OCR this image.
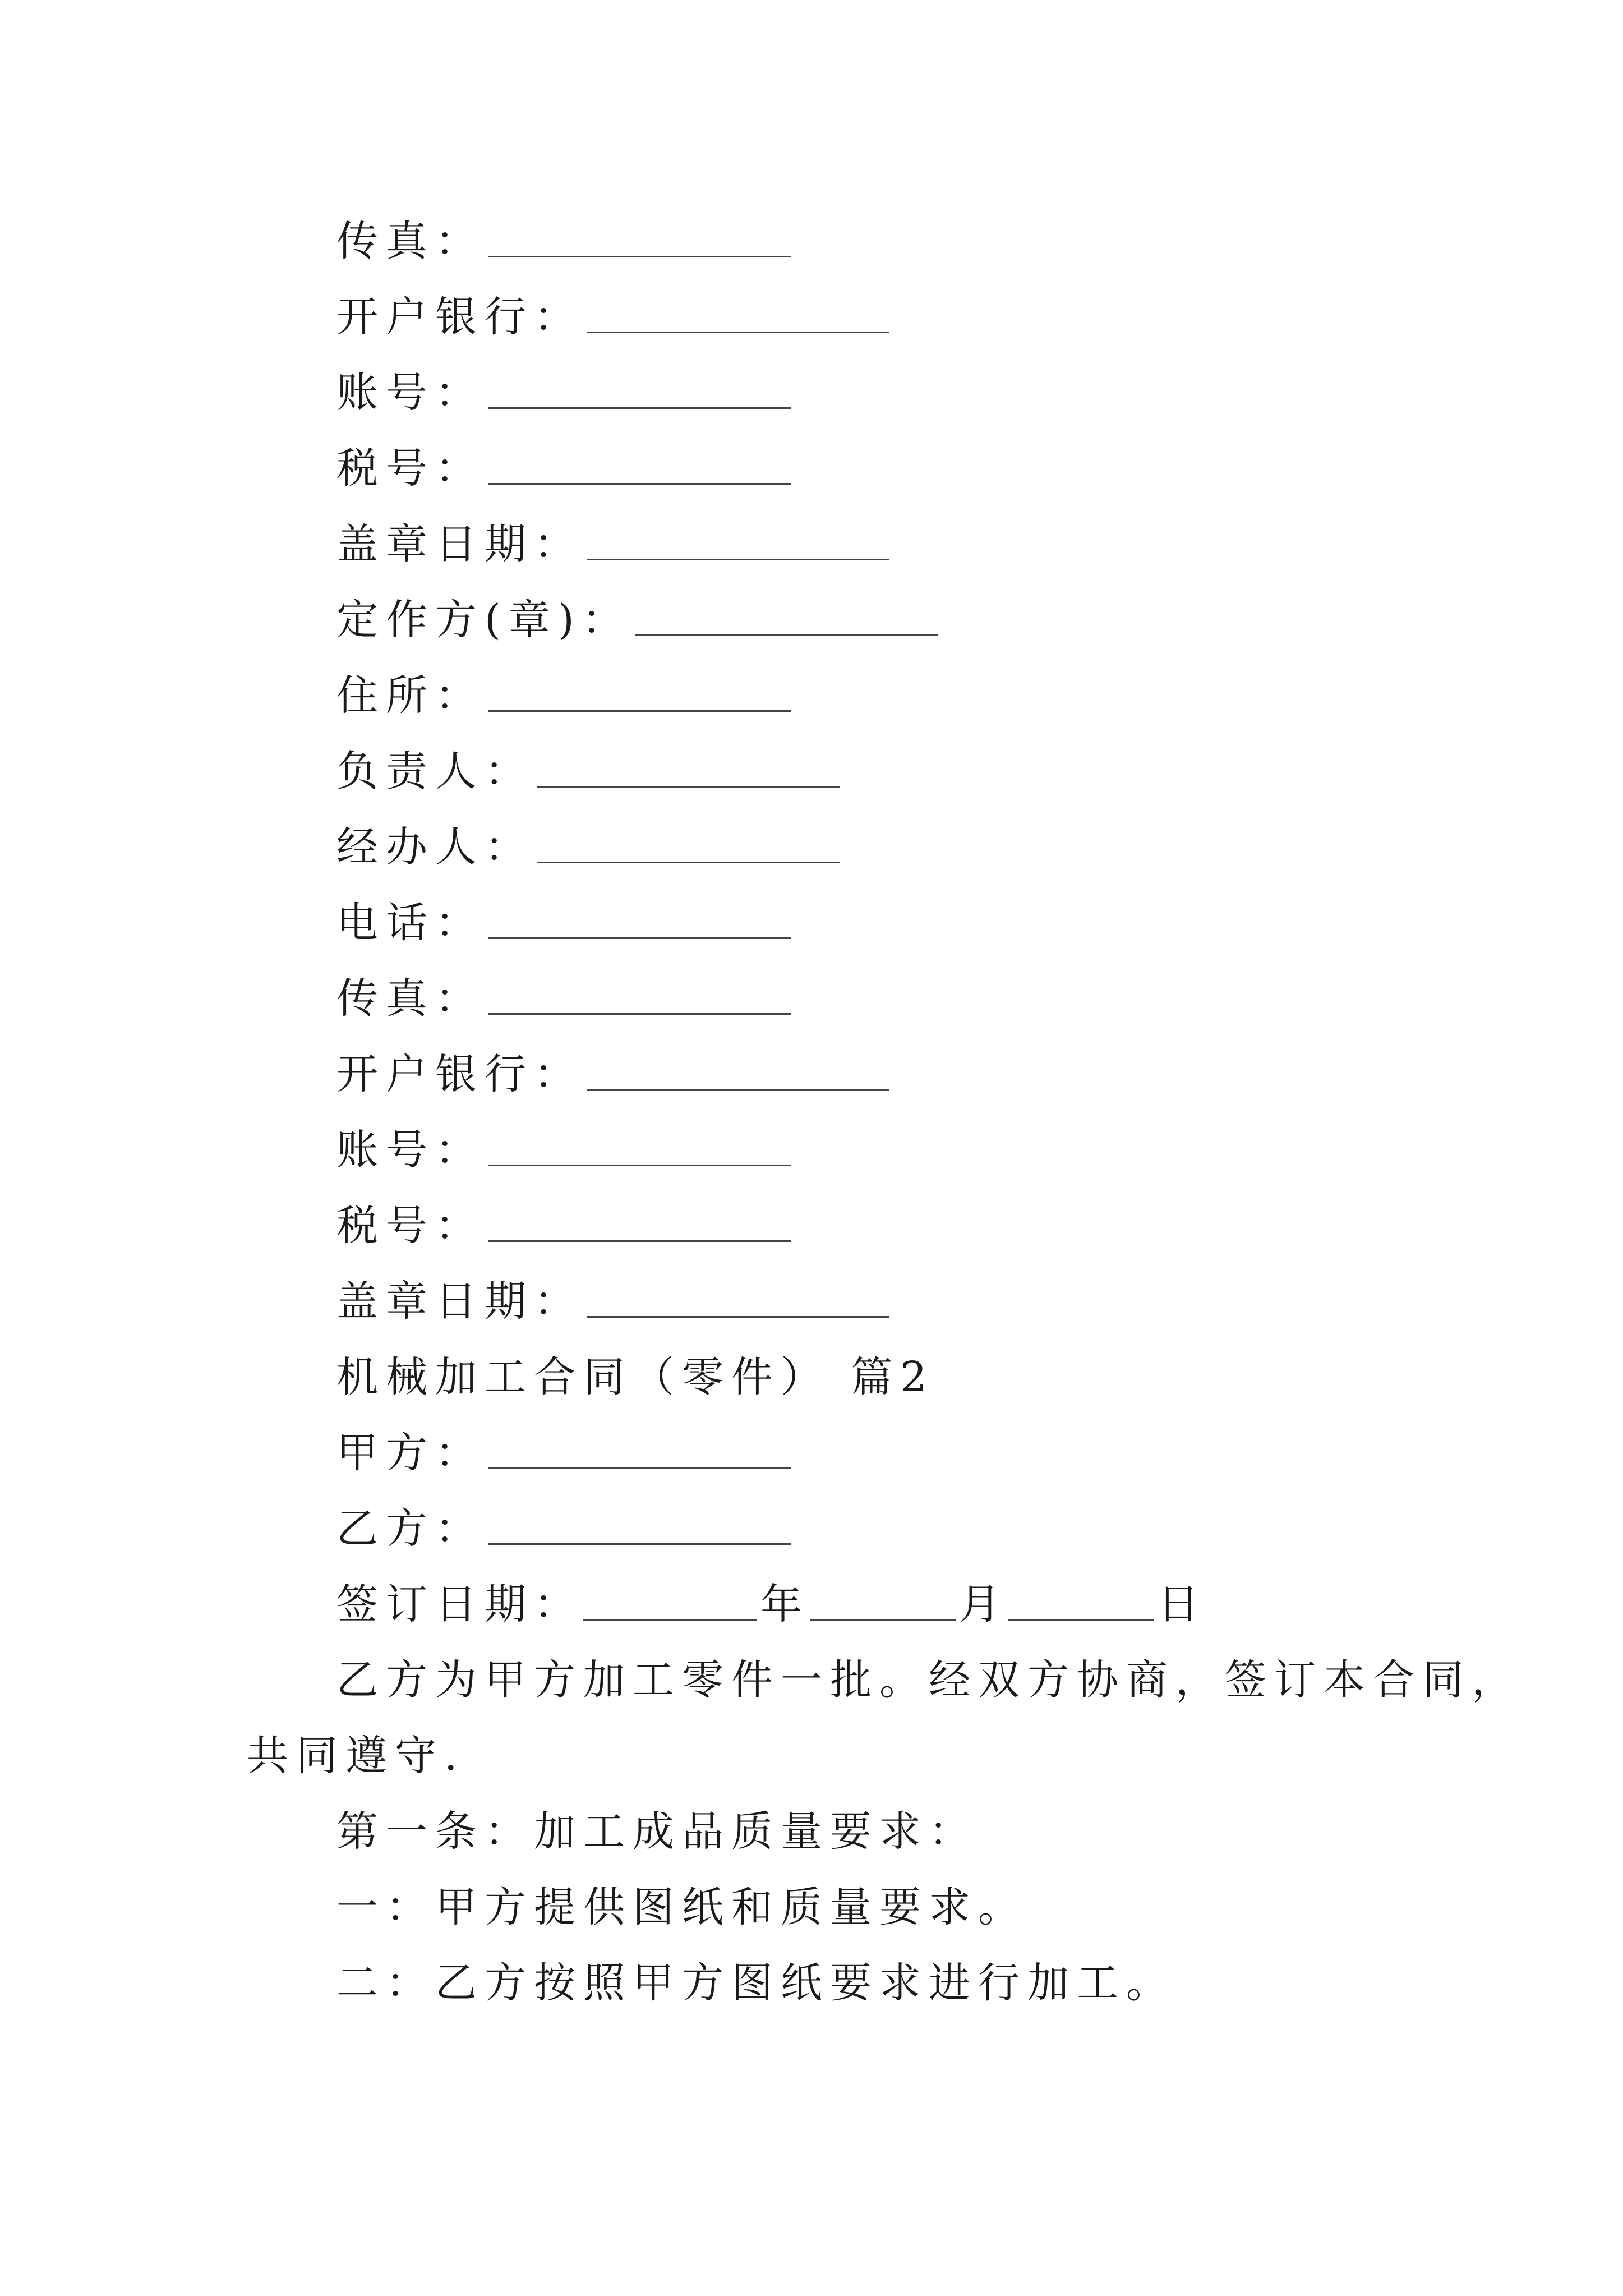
传真：
开户银行：
账号：
税号：
盖章日期：
定作方(章)：
住所：
负责人：
经办人：
电话：
传真：
开户银行：
账号：
税号：
盖章日期：
机械加工合同（零件） 篇2
甲方：
乙方：
签订日期：	年	月	日
乙方为甲方加工零件一批。经双方协商，签订本合同，
共同遵守.
第一条：加工成品质量要求：
一：甲方提供图纸和质量要求。
二：乙方按照甲方图纸要求进行加工。
